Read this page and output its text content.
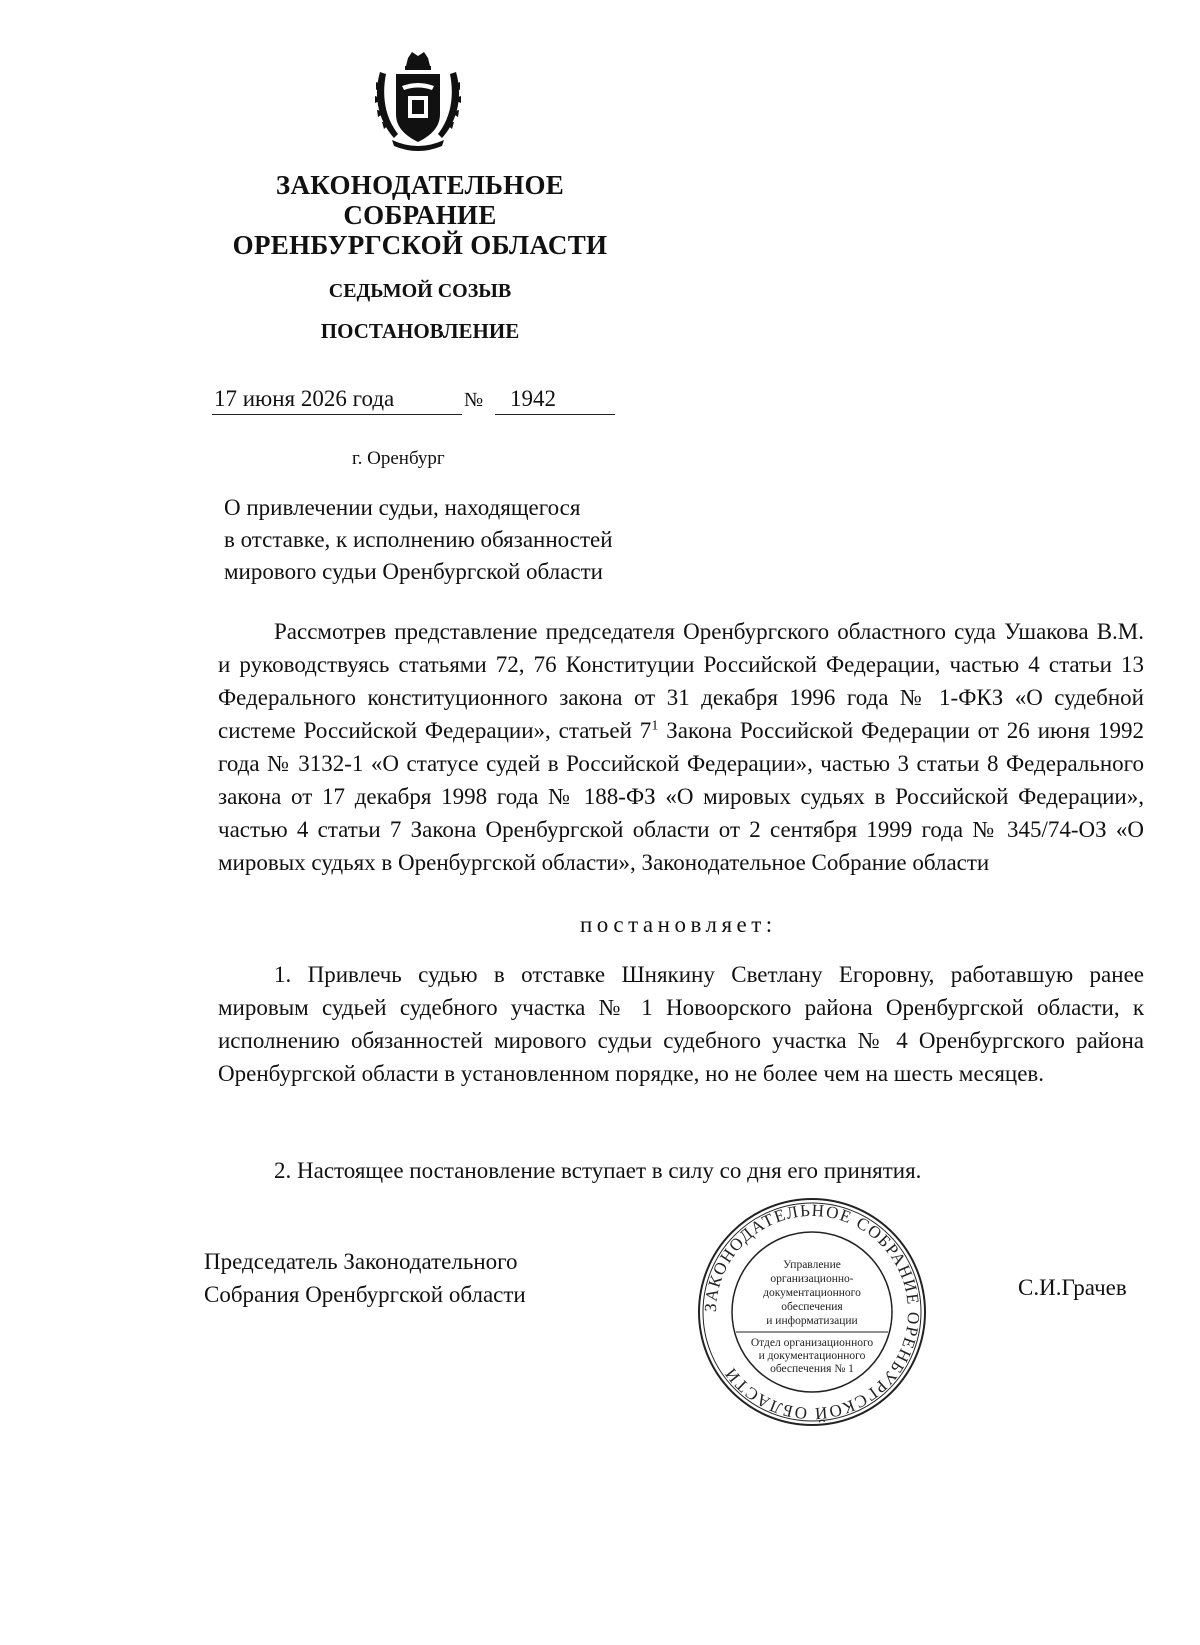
ЗАКОНОДАТЕЛЬНОЕ
СОБРАНИЕ
ОРЕНБУРГСКОЙ ОБЛАСТИ
СЕДЬМОЙ СОЗЫВ
ПОСТАНОВЛЕНИЕ
17 июня 2026 года	№ 1942
г. Оренбург
О привлечении судьи, находящегося
в отставке, к исполнению обязанностей
мирового судьи Оренбургской области
Рассмотрев представление председателя Оренбургского областного суда Ушакова В.М. и руководствуясь статьями 72, 76 Конституции Российской Федерации, частью 4 статьи 13 Федерального конституционного закона от 31 декабря 1996 года № 1-ФКЗ «О судебной системе Российской Федерации», статьей $7^1$ Закона Российской Федерации от 26 июня 1992 года № 3132-1 «О статусе судей в Российской Федерации», частью 3 статьи 8 Федерального закона от 17 декабря 1998 года № 188-ФЗ «О мировых судьях в Российской Федерации», частью 4 статьи 7 Закона Оренбургской области от 2 сентября 1999 года № 345/74-ОЗ «О мировых судьях в Оренбургской области», Законодательное Собрание области
постановляет:
1. Привлечь судью в отставке Шнякину Светлану Егоровну, работавшую ранее мировым судьей судебного участка № 1 Новоорского района Оренбургской области, к исполнению обязанностей мирового судьи судебного участка № 4 Оренбургского района Оренбургской области в установленном порядке, но не более чем на шесть месяцев.
2. Настоящее постановление вступает в силу со дня его принятия.
Председатель Законодательного
Собрания Оренбургской области	С.И.Грачев
ЗАКОНОДАТЕЛЬНОЕ СОБРАНИЕ ОРЕНБУРГСКОЙ ОБЛАСТИ
Управление
организационно-
документационного
обеспечения
и информатизации
Отдел организационного
и документационного
обеспечения № 1
